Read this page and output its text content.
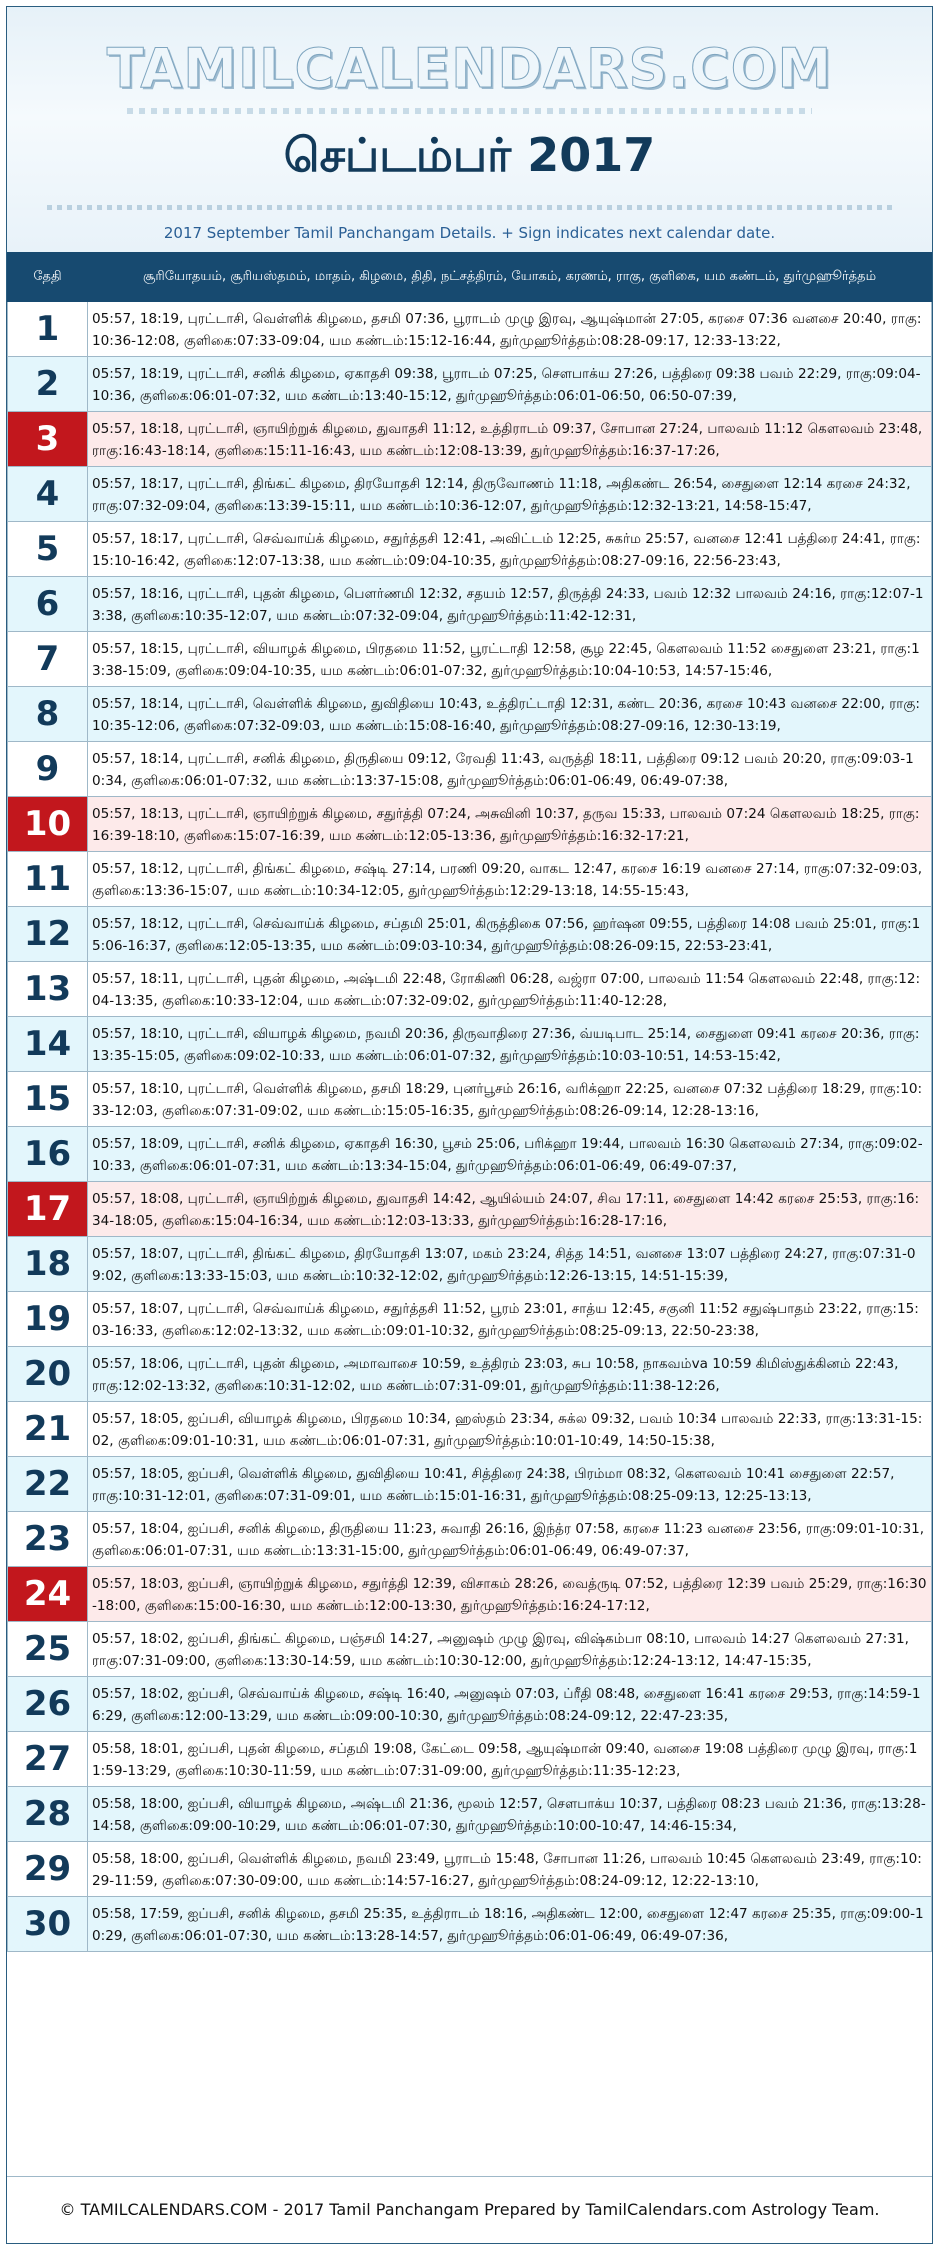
TAMILCALENDARS.COM
செப்டம்பர் 2017
2017 September Tamil Panchangam Details. + Sign indicates next calendar date.
தேதி	சூரியோதயம், சூரியஸ்தமம், மாதம், கிழமை, திதி, நட்சத்திரம், யோகம், கரணம், ராகு, குளிகை, யம கண்டம், துர்முஹூர்த்தம்
1	05:57, 18:19, புரட்டாசி, வெள்ளிக் கிழமை, தசமி 07:36, பூராடம் முழு இரவு, ஆயுஷ்மான் 27:05, கரசை 07:36 வனசை 20:40, ராகு:10:36-12:08, குளிகை:07:33-09:04, யம கண்டம்:15:12-16:44, துர்முஹூர்த்தம்:08:28-09:17, 12:33-13:22,
2	05:57, 18:19, புரட்டாசி, சனிக் கிழமை, ஏகாதசி 09:38, பூராடம் 07:25, சௌபாக்ய 27:26, பத்திரை 09:38 பவம் 22:29, ராகு:09:04-10:36, குளிகை:06:01-07:32, யம கண்டம்:13:40-15:12, துர்முஹூர்த்தம்:06:01-06:50, 06:50-07:39,
3	05:57, 18:18, புரட்டாசி, ஞாயிற்றுக் கிழமை, துவாதசி 11:12, உத்திராடம் 09:37, சோபான 27:24, பாலவம் 11:12 கௌலவம் 23:48, ராகு:16:43-18:14, குளிகை:15:11-16:43, யம கண்டம்:12:08-13:39, துர்முஹூர்த்தம்:16:37-17:26,
4	05:57, 18:17, புரட்டாசி, திங்கட் கிழமை, திரயோதசி 12:14, திருவோணம் 11:18, அதிகண்ட 26:54, சைதுளை 12:14 கரசை 24:32, ராகு:07:32-09:04, குளிகை:13:39-15:11, யம கண்டம்:10:36-12:07, துர்முஹூர்த்தம்:12:32-13:21, 14:58-15:47,
5	05:57, 18:17, புரட்டாசி, செவ்வாய்க் கிழமை, சதுர்த்தசி 12:41, அவிட்டம் 12:25, சுகர்ம 25:57, வனசை 12:41 பத்திரை 24:41, ராகு:15:10-16:42, குளிகை:12:07-13:38, யம கண்டம்:09:04-10:35, துர்முஹூர்த்தம்:08:27-09:16, 22:56-23:43,
6	05:57, 18:16, புரட்டாசி, புதன் கிழமை, பௌர்ணமி 12:32, சதயம் 12:57, திருத்தி 24:33, பவம் 12:32 பாலவம் 24:16, ராகு:12:07-13:38, குளிகை:10:35-12:07, யம கண்டம்:07:32-09:04, துர்முஹூர்த்தம்:11:42-12:31,
7	05:57, 18:15, புரட்டாசி, வியாழக் கிழமை, பிரதமை 11:52, பூரட்டாதி 12:58, சூழ 22:45, கௌலவம் 11:52 சைதுளை 23:21, ராகு:13:38-15:09, குளிகை:09:04-10:35, யம கண்டம்:06:01-07:32, துர்முஹூர்த்தம்:10:04-10:53, 14:57-15:46,
8	05:57, 18:14, புரட்டாசி, வெள்ளிக் கிழமை, துவிதியை 10:43, உத்திரட்டாதி 12:31, கண்ட 20:36, கரசை 10:43 வனசை 22:00, ராகு:10:35-12:06, குளிகை:07:32-09:03, யம கண்டம்:15:08-16:40, துர்முஹூர்த்தம்:08:27-09:16, 12:30-13:19,
9	05:57, 18:14, புரட்டாசி, சனிக் கிழமை, திருதியை 09:12, ரேவதி 11:43, வருத்தி 18:11, பத்திரை 09:12 பவம் 20:20, ராகு:09:03-10:34, குளிகை:06:01-07:32, யம கண்டம்:13:37-15:08, துர்முஹூர்த்தம்:06:01-06:49, 06:49-07:38,
10	05:57, 18:13, புரட்டாசி, ஞாயிற்றுக் கிழமை, சதுர்த்தி 07:24, அசுவினி 10:37, தருவ 15:33, பாலவம் 07:24 கௌலவம் 18:25, ராகு:16:39-18:10, குளிகை:15:07-16:39, யம கண்டம்:12:05-13:36, துர்முஹூர்த்தம்:16:32-17:21,
11	05:57, 18:12, புரட்டாசி, திங்கட் கிழமை, சஷ்டி 27:14, பரணி 09:20, வாகட 12:47, கரசை 16:19 வனசை 27:14, ராகு:07:32-09:03, குளிகை:13:36-15:07, யம கண்டம்:10:34-12:05, துர்முஹூர்த்தம்:12:29-13:18, 14:55-15:43,
12	05:57, 18:12, புரட்டாசி, செவ்வாய்க் கிழமை, சப்தமி 25:01, கிருத்திகை 07:56, ஹர்ஷன 09:55, பத்திரை 14:08 பவம் 25:01, ராகு:15:06-16:37, குளிகை:12:05-13:35, யம கண்டம்:09:03-10:34, துர்முஹூர்த்தம்:08:26-09:15, 22:53-23:41,
13	05:57, 18:11, புரட்டாசி, புதன் கிழமை, அஷ்டமி 22:48, ரோகிணி 06:28, வஜ்ரா 07:00, பாலவம் 11:54 கௌலவம் 22:48, ராகு:12:04-13:35, குளிகை:10:33-12:04, யம கண்டம்:07:32-09:02, துர்முஹூர்த்தம்:11:40-12:28,
14	05:57, 18:10, புரட்டாசி, வியாழக் கிழமை, நவமி 20:36, திருவாதிரை 27:36, வ்யடிபாட 25:14, சைதுளை 09:41 கரசை 20:36, ராகு:13:35-15:05, குளிகை:09:02-10:33, யம கண்டம்:06:01-07:32, துர்முஹூர்த்தம்:10:03-10:51, 14:53-15:42,
15	05:57, 18:10, புரட்டாசி, வெள்ளிக் கிழமை, தசமி 18:29, புனர்பூசம் 26:16, வரிக்ஹா 22:25, வனசை 07:32 பத்திரை 18:29, ராகு:10:33-12:03, குளிகை:07:31-09:02, யம கண்டம்:15:05-16:35, துர்முஹூர்த்தம்:08:26-09:14, 12:28-13:16,
16	05:57, 18:09, புரட்டாசி, சனிக் கிழமை, ஏகாதசி 16:30, பூசம் 25:06, பரிக்ஹா 19:44, பாலவம் 16:30 கௌலவம் 27:34, ராகு:09:02-10:33, குளிகை:06:01-07:31, யம கண்டம்:13:34-15:04, துர்முஹூர்த்தம்:06:01-06:49, 06:49-07:37,
17	05:57, 18:08, புரட்டாசி, ஞாயிற்றுக் கிழமை, துவாதசி 14:42, ஆயில்யம் 24:07, சிவ 17:11, சைதுளை 14:42 கரசை 25:53, ராகு:16:34-18:05, குளிகை:15:04-16:34, யம கண்டம்:12:03-13:33, துர்முஹூர்த்தம்:16:28-17:16,
18	05:57, 18:07, புரட்டாசி, திங்கட் கிழமை, திரயோதசி 13:07, மகம் 23:24, சித்த 14:51, வனசை 13:07 பத்திரை 24:27, ராகு:07:31-09:02, குளிகை:13:33-15:03, யம கண்டம்:10:32-12:02, துர்முஹூர்த்தம்:12:26-13:15, 14:51-15:39,
19	05:57, 18:07, புரட்டாசி, செவ்வாய்க் கிழமை, சதுர்த்தசி 11:52, பூரம் 23:01, சாத்ய 12:45, சகுனி 11:52 சதுஷ்பாதம் 23:22, ராகு:15:03-16:33, குளிகை:12:02-13:32, யம கண்டம்:09:01-10:32, துர்முஹூர்த்தம்:08:25-09:13, 22:50-23:38,
20	05:57, 18:06, புரட்டாசி, புதன் கிழமை, அமாவாசை 10:59, உத்திரம் 23:03, சுப 10:58, நாகவம்va 10:59 கிமிஸ்துக்கினம் 22:43, ராகு:12:02-13:32, குளிகை:10:31-12:02, யம கண்டம்:07:31-09:01, துர்முஹூர்த்தம்:11:38-12:26,
21	05:57, 18:05, ஐப்பசி, வியாழக் கிழமை, பிரதமை 10:34, ஹஸ்தம் 23:34, சுக்ல 09:32, பவம் 10:34 பாலவம் 22:33, ராகு:13:31-15:02, குளிகை:09:01-10:31, யம கண்டம்:06:01-07:31, துர்முஹூர்த்தம்:10:01-10:49, 14:50-15:38,
22	05:57, 18:05, ஐப்பசி, வெள்ளிக் கிழமை, துவிதியை 10:41, சித்திரை 24:38, பிரம்மா 08:32, கௌலவம் 10:41 சைதுளை 22:57, ராகு:10:31-12:01, குளிகை:07:31-09:01, யம கண்டம்:15:01-16:31, துர்முஹூர்த்தம்:08:25-09:13, 12:25-13:13,
23	05:57, 18:04, ஐப்பசி, சனிக் கிழமை, திருதியை 11:23, சுவாதி 26:16, இந்த்ர 07:58, கரசை 11:23 வனசை 23:56, ராகு:09:01-10:31, குளிகை:06:01-07:31, யம கண்டம்:13:31-15:00, துர்முஹூர்த்தம்:06:01-06:49, 06:49-07:37,
24	05:57, 18:03, ஐப்பசி, ஞாயிற்றுக் கிழமை, சதுர்த்தி 12:39, விசாகம் 28:26, வைத்ருடி 07:52, பத்திரை 12:39 பவம் 25:29, ராகு:16:30-18:00, குளிகை:15:00-16:30, யம கண்டம்:12:00-13:30, துர்முஹூர்த்தம்:16:24-17:12,
25	05:57, 18:02, ஐப்பசி, திங்கட் கிழமை, பஞ்சமி 14:27, அனுஷம் முழு இரவு, விஷ்கம்பா 08:10, பாலவம் 14:27 கௌலவம் 27:31, ராகு:07:31-09:00, குளிகை:13:30-14:59, யம கண்டம்:10:30-12:00, துர்முஹூர்த்தம்:12:24-13:12, 14:47-15:35,
26	05:57, 18:02, ஐப்பசி, செவ்வாய்க் கிழமை, சஷ்டி 16:40, அனுஷம் 07:03, ப்ரீதி 08:48, சைதுளை 16:41 கரசை 29:53, ராகு:14:59-16:29, குளிகை:12:00-13:29, யம கண்டம்:09:00-10:30, துர்முஹூர்த்தம்:08:24-09:12, 22:47-23:35,
27	05:58, 18:01, ஐப்பசி, புதன் கிழமை, சப்தமி 19:08, கேட்டை 09:58, ஆயுஷ்மான் 09:40, வனசை 19:08 பத்திரை முழு இரவு, ராகு:11:59-13:29, குளிகை:10:30-11:59, யம கண்டம்:07:31-09:00, துர்முஹூர்த்தம்:11:35-12:23,
28	05:58, 18:00, ஐப்பசி, வியாழக் கிழமை, அஷ்டமி 21:36, மூலம் 12:57, சௌபாக்ய 10:37, பத்திரை 08:23 பவம் 21:36, ராகு:13:28-14:58, குளிகை:09:00-10:29, யம கண்டம்:06:01-07:30, துர்முஹூர்த்தம்:10:00-10:47, 14:46-15:34,
29	05:58, 18:00, ஐப்பசி, வெள்ளிக் கிழமை, நவமி 23:49, பூராடம் 15:48, சோபான 11:26, பாலவம் 10:45 கௌலவம் 23:49, ராகு:10:29-11:59, குளிகை:07:30-09:00, யம கண்டம்:14:57-16:27, துர்முஹூர்த்தம்:08:24-09:12, 12:22-13:10,
30	05:58, 17:59, ஐப்பசி, சனிக் கிழமை, தசமி 25:35, உத்திராடம் 18:16, அதிகண்ட 12:00, சைதுளை 12:47 கரசை 25:35, ராகு:09:00-10:29, குளிகை:06:01-07:30, யம கண்டம்:13:28-14:57, துர்முஹூர்த்தம்:06:01-06:49, 06:49-07:36,
© TAMILCALENDARS.COM - 2017 Tamil Panchangam Prepared by TamilCalendars.com Astrology Team.
